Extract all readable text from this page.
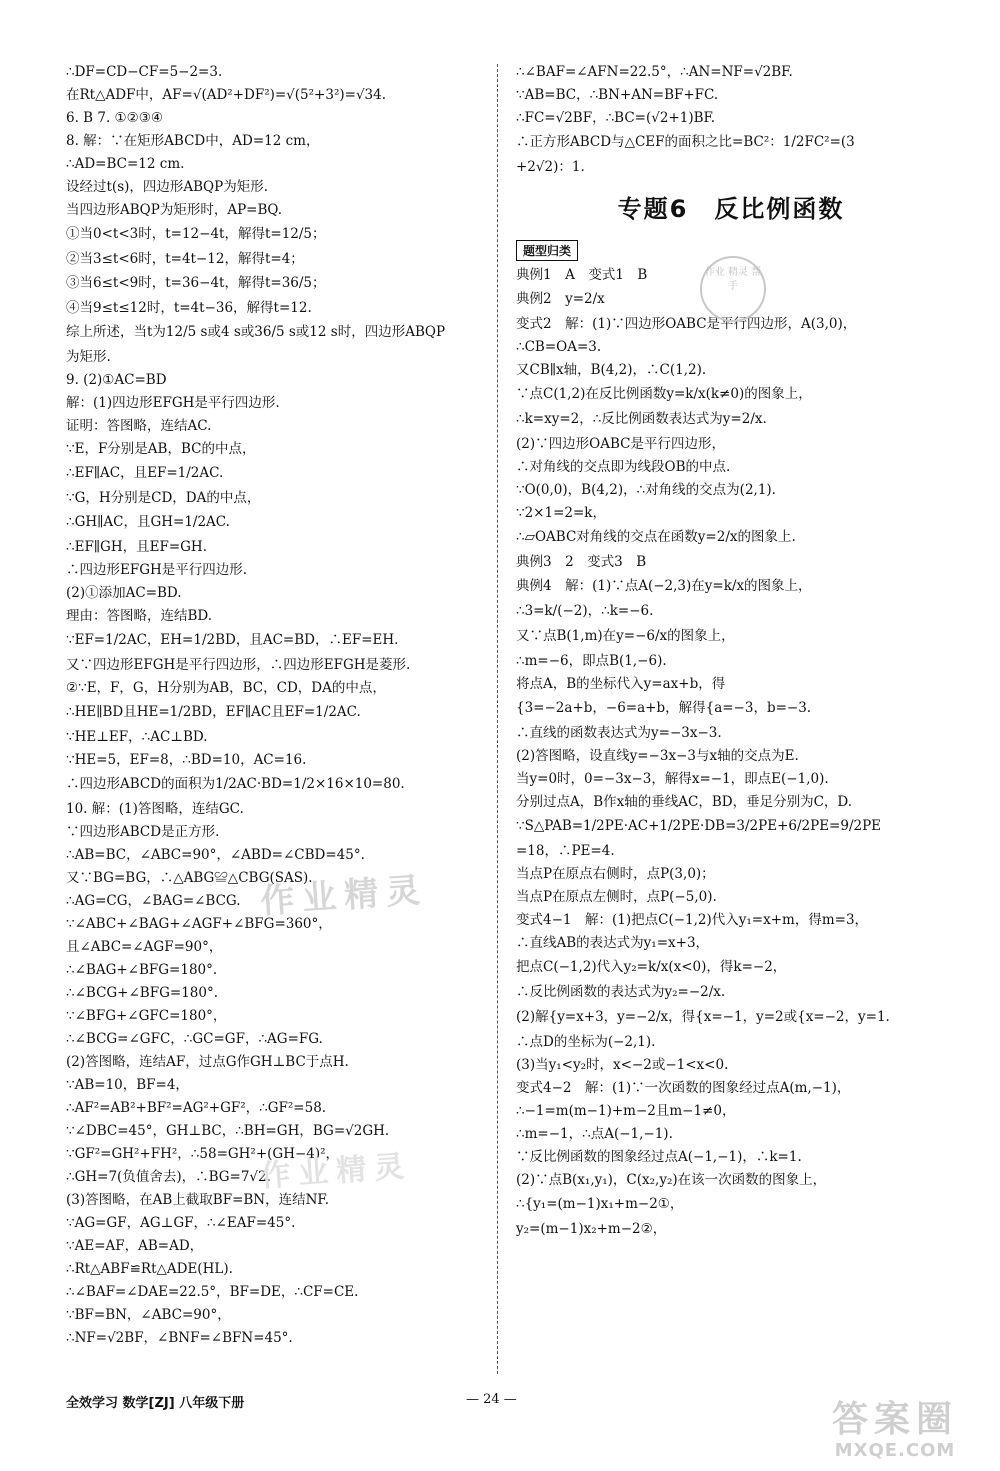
∴DF=CD−CF=5−2=3.
在Rt△ADF中，AF=√(AD²+DF²)=√(5²+3²)=√34.
6. B 7. ①②③④
8. 解：∵在矩形ABCD中，AD=12 cm，
∴AD=BC=12 cm.
设经过t(s)，四边形ABQP为矩形.
当四边形ABQP为矩形时，AP=BQ.
①当0<t<3时，t=12−4t，解得t=12/5；
②当3≤t<6时，t=4t−12，解得t=4；
③当6≤t<9时，t=36−4t，解得t=36/5；
④当9≤t≤12时，t=4t−36，解得t=12.
综上所述，当t为12/5 s或4 s或36/5 s或12 s时，四边形ABQP
为矩形.
9. (2)①AC=BD
解：(1)四边形EFGH是平行四边形.
证明：答图略，连结AC.
∵E，F分别是AB，BC的中点，
∴EF∥AC，且EF=1/2AC.
∵G，H分别是CD，DA的中点，
∴GH∥AC，且GH=1/2AC.
∴EF∥GH，且EF=GH.
∴四边形EFGH是平行四边形.
(2)①添加AC=BD.
理由：答图略，连结BD.
∵EF=1/2AC，EH=1/2BD，且AC=BD，∴EF=EH.
又∵四边形EFGH是平行四边形，∴四边形EFGH是菱形.
②∵E，F，G，H分别为AB，BC，CD，DA的中点，
∴HE∥BD且HE=1/2BD，EF∥AC且EF=1/2AC.
∵HE⊥EF，∴AC⊥BD.
∵HE=5，EF=8，∴BD=10，AC=16.
∴四边形ABCD的面积为1/2AC·BD=1/2×16×10=80.
10. 解：(1)答图略，连结GC.
∵四边形ABCD是正方形.
∴AB=BC，∠ABC=90°，∠ABD=∠CBD=45°.
又∵BG=BG，∴△ABG≌△CBG(SAS).
∴AG=CG，∠BAG=∠BCG.
∵∠ABC+∠BAG+∠AGF+∠BFG=360°，
且∠ABC=∠AGF=90°，
∴∠BAG+∠BFG=180°.
∴∠BCG+∠BFG=180°.
∵∠BFG+∠GFC=180°，
∴∠BCG=∠GFC，∴GC=GF，∴AG=FG.
(2)答图略，连结AF，过点G作GH⊥BC于点H.
∵AB=10，BF=4，
∴AF²=AB²+BF²=AG²+GF²，∴GF²=58.
∵∠DBC=45°，GH⊥BC，∴BH=GH，BG=√2GH.
∵GF²=GH²+FH²，∴58=GH²+(GH−4)²，
∴GH=7(负值舍去)，∴BG=7√2.
(3)答图略，在AB上截取BF=BN，连结NF.
∵AG=GF，AG⊥GF，∴∠EAF=45°.
∵AE=AF，AB=AD，
∴Rt△ABF≌Rt△ADE(HL).
∴∠BAF=∠DAE=22.5°，BF=DE，∴CF=CE.
∵BF=BN，∠ABC=90°，
∴NF=√2BF，∠BNF=∠BFN=45°.
∴∠BAF=∠AFN=22.5°，∴AN=NF=√2BF.
∵AB=BC，∴BN+AN=BF+FC.
∴FC=√2BF，∴BC=(√2+1)BF.
∴正方形ABCD与△CEF的面积之比=BC²：1/2FC²=(3
+2√2)：1.
专题6　反比例函数
题型归类
典例1　A　变式1　B
典例2　y=2/x
变式2　解：(1)∵四边形OABC是平行四边形，A(3,0)，
∴CB=OA=3.
又CB∥x轴，B(4,2)，∴C(1,2).
∵点C(1,2)在反比例函数y=k/x(k≠0)的图象上，
∴k=xy=2，∴反比例函数表达式为y=2/x.
(2)∵四边形OABC是平行四边形，
∴对角线的交点即为线段OB的中点.
∵O(0,0)，B(4,2)，∴对角线的交点为(2,1).
∵2×1=2=k，
∴▱OABC对角线的交点在函数y=2/x的图象上.
典例3　2　变式3　B
典例4　解：(1)∵点A(−2,3)在y=k/x的图象上，
∴3=k/(−2)，∴k=−6.
又∵点B(1,m)在y=−6/x的图象上，
∴m=−6，即点B(1,−6).
将点A，B的坐标代入y=ax+b，得
{3=−2a+b，−6=a+b，解得{a=−3，b=−3.
∴直线的函数表达式为y=−3x−3.
(2)答图略，设直线y=−3x−3与x轴的交点为E.
当y=0时，0=−3x−3，解得x=−1，即点E(−1,0).
分别过点A，B作x轴的垂线AC，BD，垂足分别为C，D.
∵S△PAB=1/2PE·AC+1/2PE·DB=3/2PE+6/2PE=9/2PE
=18，∴PE=4.
当点P在原点右侧时，点P(3,0)；
当点P在原点左侧时，点P(−5,0).
变式4−1　解：(1)把点C(−1,2)代入y₁=x+m，得m=3，
∴直线AB的表达式为y₁=x+3，
把点C(−1,2)代入y₂=k/x(x<0)，得k=−2，
∴反比例函数的表达式为y₂=−2/x.
(2)解{y=x+3，y=−2/x，得{x=−1，y=2或{x=−2，y=1.
∴点D的坐标为(−2,1).
(3)当y₁<y₂时，x<−2或−1<x<0.
变式4−2　解：(1)∵一次函数的图象经过点A(m,−1)，
∴−1=m(m−1)+m−2且m−1≠0，
∴m=−1，∴点A(−1,−1).
∵反比例函数的图象经过点A(−1,−1)，∴k=1.
(2)∵点B(x₁,y₁)，C(x₂,y₂)在该一次函数的图象上，
∴{y₁=(m−1)x₁+m−2①，
y₂=(m−1)x₂+m−2②，
作业精灵
作业精灵
作业 精灵 帮手
全效学习 数学[ZJ] 八年级下册	— 24 —	答案圈
MXQE.COM
